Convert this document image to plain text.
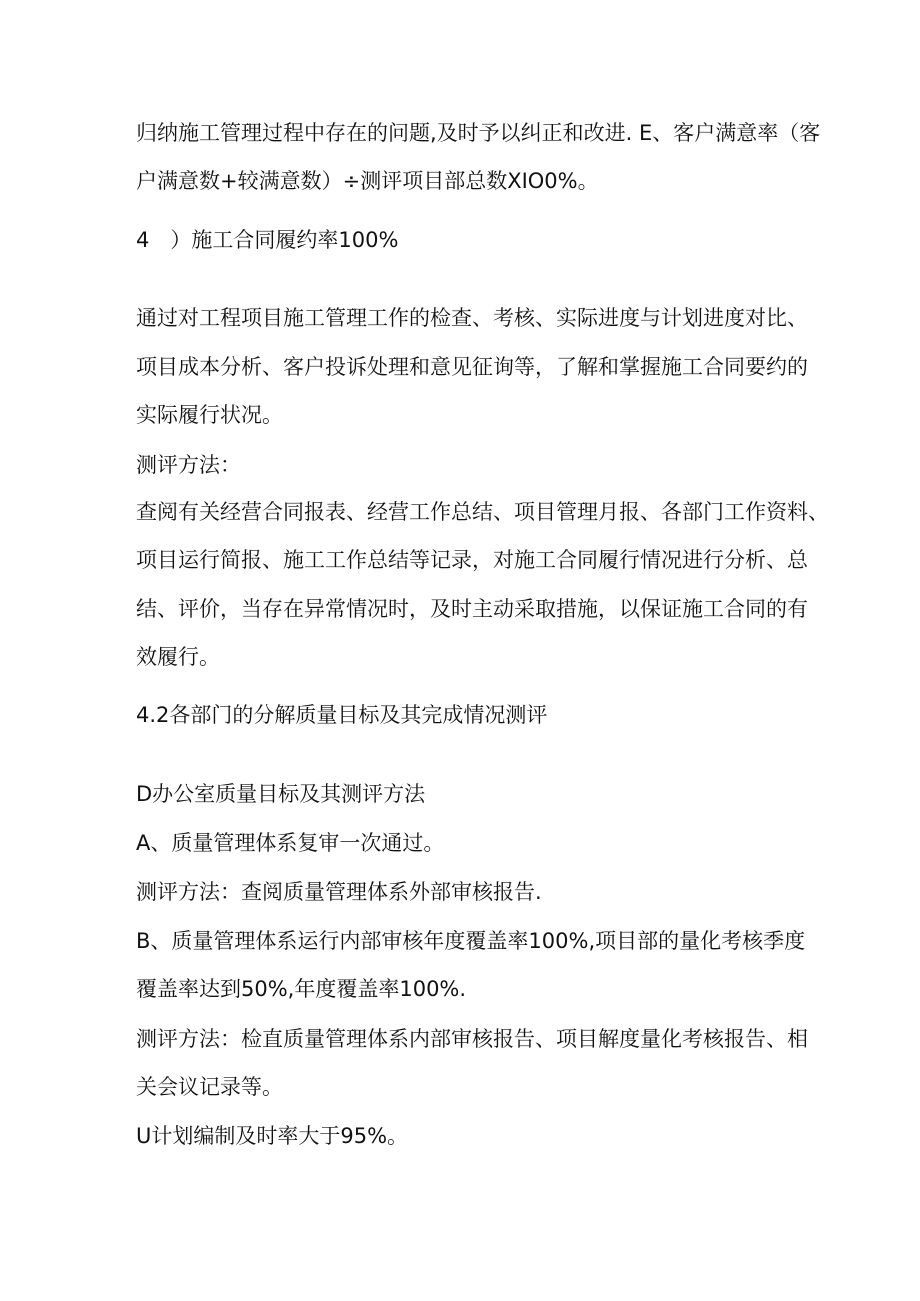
归纳施工管理过程中存在的问题,及时予以纠正和改进. E、客户满意率（客

户满意数+较满意数）÷测评项目部总数XIO0%。

4　）施工合同履约率100%

通过对工程项目施工管理工作的检查、考核、实际进度与计划进度对比、

项目成本分析、客户投诉处理和意见征询等，了解和掌握施工合同要约的

实际履行状况。

测评方法：

查阅有关经营合同报表、经营工作总结、项目管理月报、各部门工作资料、

项目运行简报、施工工作总结等记录，对施工合同履行情况进行分析、总

结、评价，当存在异常情况时，及时主动采取措施，以保证施工合同的有

效履行。

4.2各部门的分解质量目标及其完成情况测评

D办公室质量目标及其测评方法

A、质量管理体系复审一次通过。

测评方法：查阅质量管理体系外部审核报告.

B、质量管理体系运行内部审核年度覆盖率100%,项目部的量化考核季度

覆盖率达到50%,年度覆盖率100%.

测评方法：检直质量管理体系内部审核报告、项目解度量化考核报告、相

关会议记录等。

U计划编制及时率大于95%。
